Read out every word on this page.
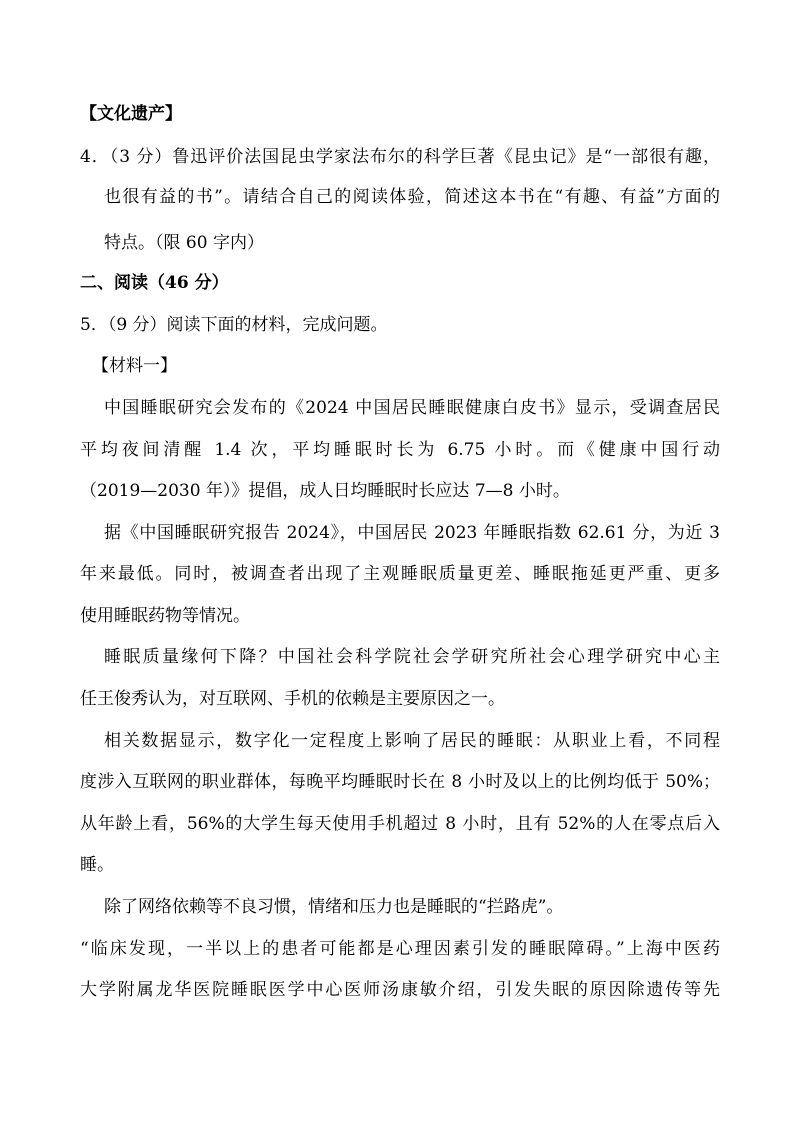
【文化遗产】
4．（3 分）鲁迅评价法国昆虫学家法布尔的科学巨著《昆虫记》是“一部很有趣，
也很有益的书”。请结合自己的阅读体验，简述这本书在“有趣、有益”方面的
特点。（限 60 字内）
二、阅读（46 分）
5．（9 分）阅读下面的材料，完成问题。
【材料一】
中国睡眠研究会发布的《2024 中国居民睡眠健康白皮书》显示，受调查居民
平均夜间清醒 1.4 次，平均睡眠时长为 6.75 小时。而《健康中国行动
（2019—2030 年）》提倡，成人日均睡眠时长应达 7—8 小时。
据《中国睡眠研究报告 2024》，中国居民 2023 年睡眠指数 62.61 分，为近 3
年来最低。同时，被调查者出现了主观睡眠质量更差、睡眠拖延更严重、更多
使用睡眠药物等情况。
睡眠质量缘何下降？中国社会科学院社会学研究所社会心理学研究中心主
任王俊秀认为，对互联网、手机的依赖是主要原因之一。
相关数据显示，数字化一定程度上影响了居民的睡眠：从职业上看，不同程
度涉入互联网的职业群体，每晚平均睡眠时长在 8 小时及以上的比例均低于 50%；
从年龄上看，56%的大学生每天使用手机超过 8 小时，且有 52%的人在零点后入
睡。
除了网络依赖等不良习惯，情绪和压力也是睡眠的“拦路虎”。
“临床发现，一半以上的患者可能都是心理因素引发的睡眠障碍。”上海中医药
大学附属龙华医院睡眠医学中心医师汤康敏介绍，引发失眠的原因除遗传等先
